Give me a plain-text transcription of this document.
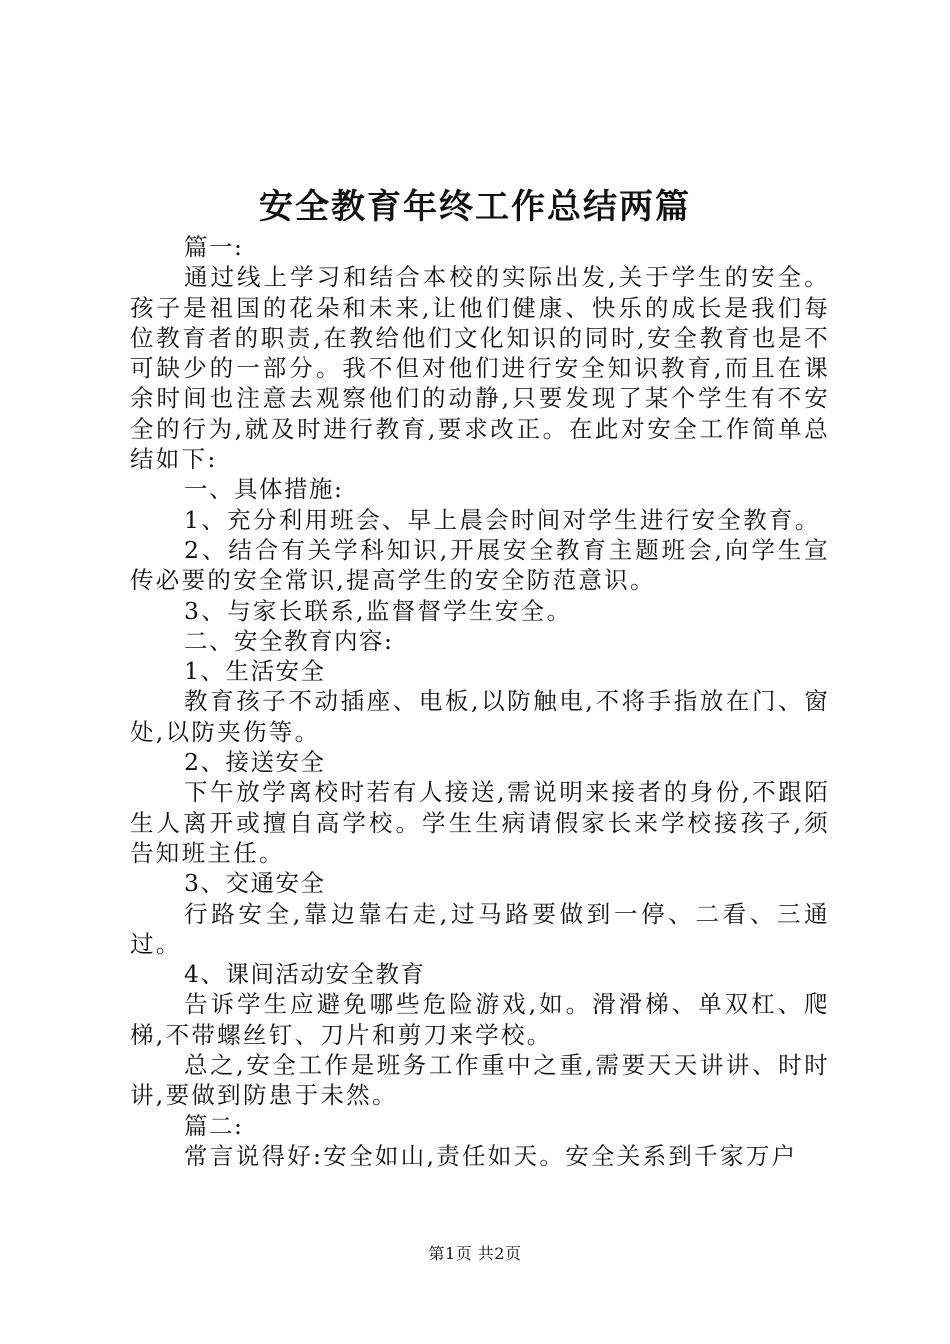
安全教育年终工作总结两篇

篇一:

通过线上学习和结合本校的实际出发,关于学生的安全。孩子是祖国的花朵和未来,让他们健康、快乐的成长是我们每位教育者的职责,在教给他们文化知识的同时,安全教育也是不可缺少的一部分。我不但对他们进行安全知识教育,而且在课余时间也注意去观察他们的动静,只要发现了某个学生有不安全的行为,就及时进行教育,要求改正。在此对安全工作简单总结如下:

一、具体措施:

1、充分利用班会、早上晨会时间对学生进行安全教育。

2、结合有关学科知识,开展安全教育主题班会,向学生宣传必要的安全常识,提高学生的安全防范意识。

3、与家长联系,监督督学生安全。

二、安全教育内容:

1、生活安全

教育孩子不动插座、电板,以防触电,不将手指放在门、窗处,以防夹伤等。

2、接送安全

下午放学离校时若有人接送,需说明来接者的身份,不跟陌生人离开或擅自高学校。学生生病请假家长来学校接孩子,须告知班主任。

3、交通安全

行路安全,靠边靠右走,过马路要做到一停、二看、三通过。

4、课间活动安全教育

告诉学生应避免哪些危险游戏,如。滑滑梯、单双杠、爬梯,不带螺丝钉、刀片和剪刀来学校。

总之,安全工作是班务工作重中之重,需要天天讲讲、时时讲,要做到防患于未然。

篇二:

常言说得好:安全如山,责任如天。安全关系到千家万户

第1页 共2页
